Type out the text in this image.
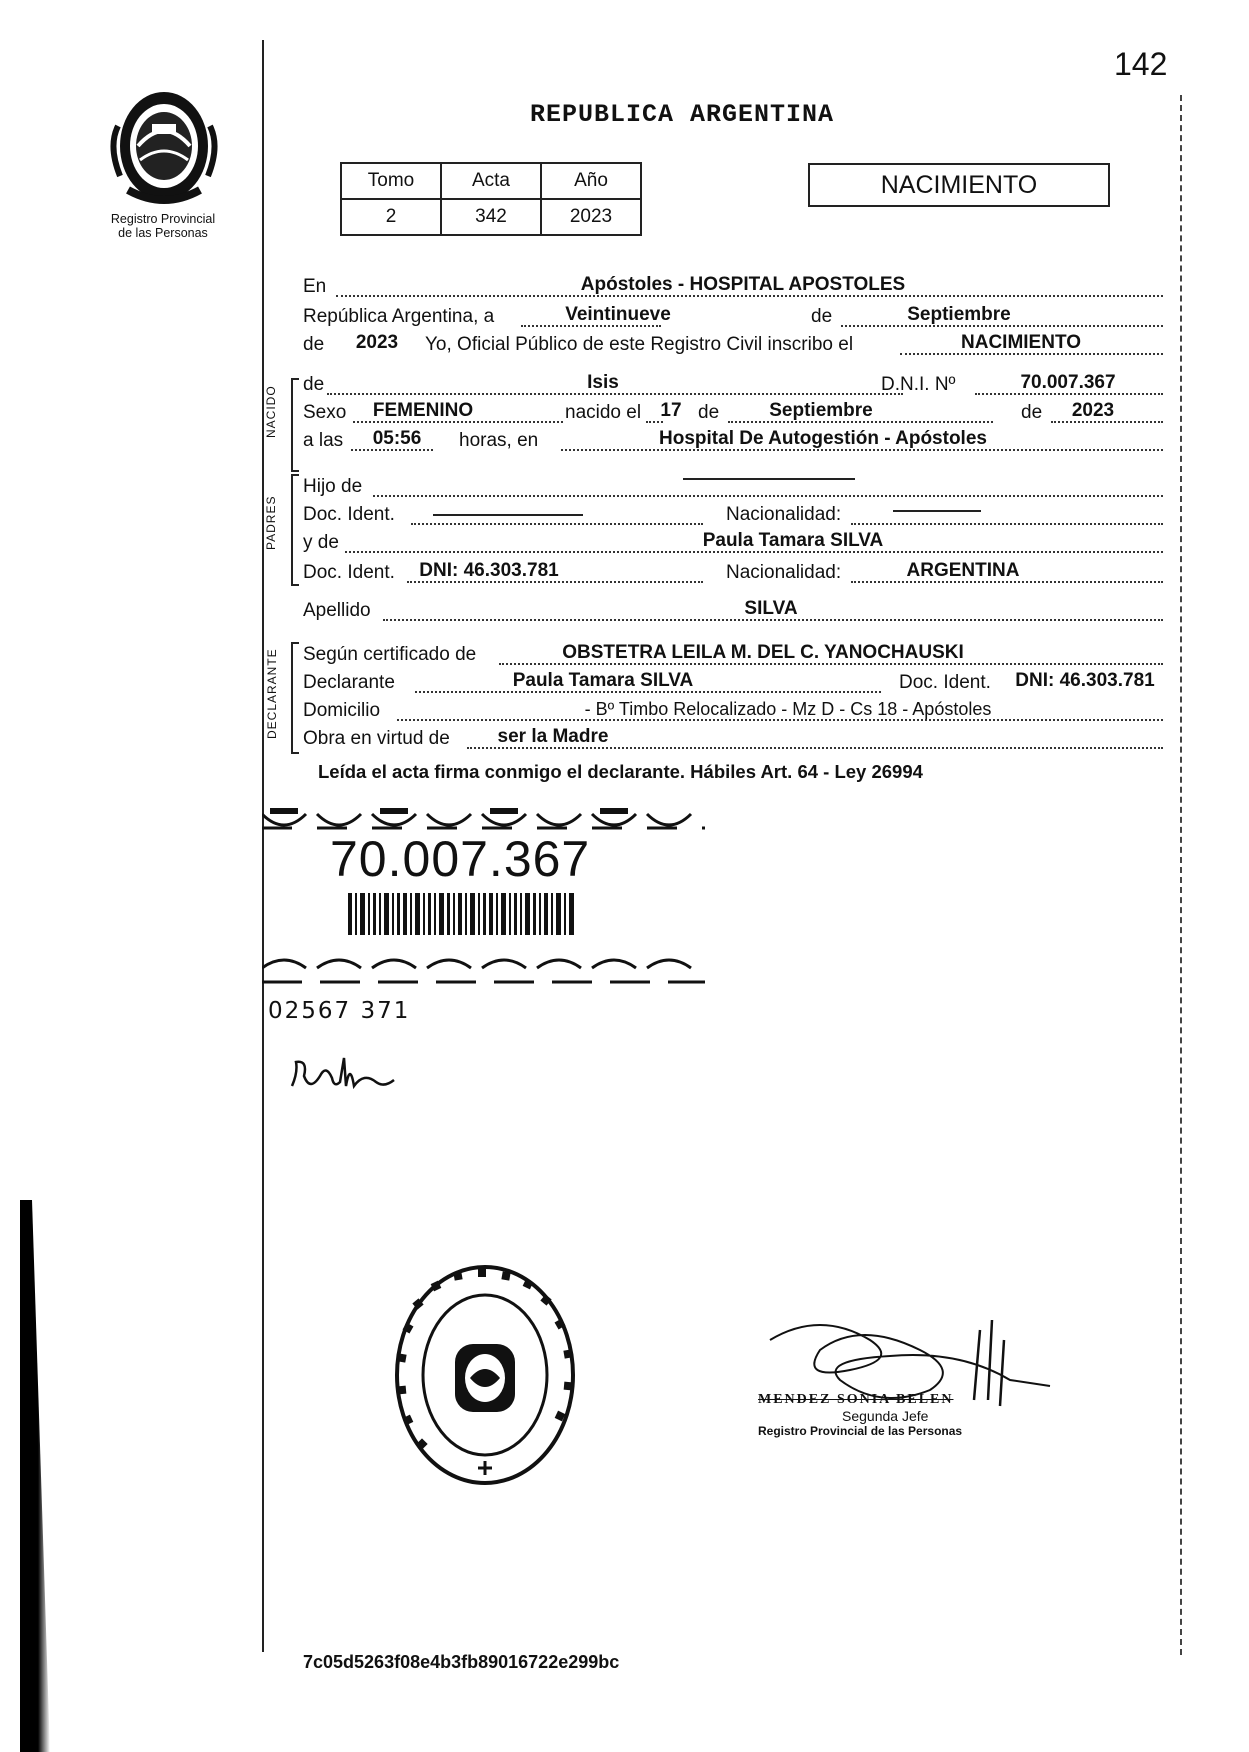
142
Registro Provincial
de las Personas
REPUBLICA ARGENTINA
Tomo	Acta	Año
2	342	2023
NACIMIENTO
En	Apóstoles - HOSPITAL APOSTOLES
República Argentina, a	Veintinueve	de	Septiembre
de 2023 Yo, Oficial Público de este Registro Civil inscribo el	NACIMIENTO
NACIDO
de	Isis	D.N.I. Nº	70.007.367
Sexo FEMENINO	nacido el 17 de	Septiembre	de 2023
a las 05:56 horas, en	Hospital De Autogestión - Apóstoles
PADRES
Hijo de
Doc. Ident.	Nacionalidad:
y de	Paula Tamara SILVA
Doc. Ident. DNI: 46.303.781	Nacionalidad:	ARGENTINA
Apellido	SILVA
DECLARANTE Según certificado de	OBSTETRA LEILA M. DEL C. YANOCHAUSKI
Declarante	Paula Tamara SILVA	Doc. Ident. DNI: 46.303.781
Domicilio	- Bº Timbo Relocalizado - Mz D - Cs 18 - Apóstoles
Obra en virtud de	ser la Madre
Leída el acta firma conmigo el declarante. Hábiles Art. 64 - Ley 26994
70.007.367
02567 371
MENDEZ SONIA BELEN
Segunda Jefe
Registro Provincial de las Personas
7c05d5263f08e4b3fb89016722e299bc
